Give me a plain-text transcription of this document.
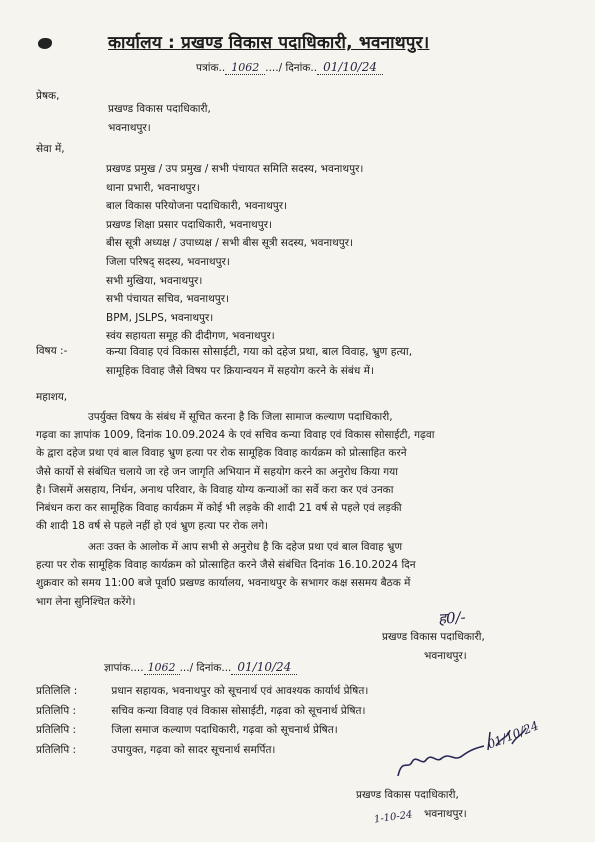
कार्यालय : प्रखण्ड विकास पदाधिकारी, भवनाथपुर।
पत्रांक.. 1062 ..../ दिनांक.. 01/10/24
प्रेषक,
प्रखण्ड विकास पदाधिकारी,
भवनाथपुर।
सेवा में,
प्रखण्ड प्रमुख / उप प्रमुख / सभी पंचायत समिति सदस्य, भवनाथपुर।
थाना प्रभारी, भवनाथपुर।
बाल विकास परियोजना पदाधिकारी, भवनाथपुर।
प्रखण्ड शिक्षा प्रसार पदाधिकारी, भवनाथपुर।
बीस सूत्री अध्यक्ष / उपाध्यक्ष / सभी बीस सूत्री सदस्य, भवनाथपुर।
जिला परिषद् सदस्य, भवनाथपुर।
सभी मुखिया, भवनाथपुर।
सभी पंचायत सचिव, भवनाथपुर।
BPM, JSLPS, भवनाथपुर।
स्वंय सहायता समूह की दीदीगण, भवनाथपुर।
विषय :-	कन्या विवाह एवं विकास सोसाईटी, गया को दहेज प्रथा, बाल विवाह, भ्रुण हत्या,
सामूहिक विवाह जैसे विषय पर क्रियान्वयन में सहयोग करने के संबंध में।
महाशय,
उपर्युक्त विषय के संबंध में सूचित करना है कि जिला सामाज कल्याण पदाधिकारी,
गढ़वा का ज्ञापांक 1009, दिनांक 10.09.2024 के एवं सचिव कन्या विवाह एवं विकास सोसाईटी, गढ़वा
के द्वारा दहेज प्रथा एवं बाल विवाह भ्रुण हत्या पर रोक सामूहिक विवाह कार्यक्रम को प्रोत्साहित करने
जैसे कार्यो से संबंधित चलाये जा रहे जन जागृति अभियान में सहयोग करने का अनुरोध किया गया
है। जिसमें असहाय, निर्धन, अनाथ परिवार, के विवाह योग्य कन्याओं का सर्वे करा कर एवं उनका
निबंधन करा कर सामूहिक विवाह कार्यक्रम में कोई भी लड़के की शादी 21 वर्ष से पहले एवं लड़की
की शादी 18 वर्ष से पहले नहीं हो एवं भ्रुण हत्या पर रोक लगे।
अतः उक्त के आलोक में आप सभी से अनुरोध है कि दहेज प्रथा एवं बाल विवाह भ्रुण
हत्या पर रोक सामूहिक विवाह कार्यक्रम को प्रोत्साहित करने जैसे संबंधित दिनांक 16.10.2024 दिन
शुक्रवार को समय 11:00 बजे पूर्वा0 प्रखण्ड कार्यालय, भवनाथपुर के सभागर कक्ष ससमय बैठक में
भाग लेना सुनिश्चित करेंगे।
ह0/-
प्रखण्ड विकास पदाधिकारी,
भवनाथपुर।
ज्ञापांक.... 1062 .../ दिनांक... 01/10/24
प्रतिलिलि :	प्रधान सहायक, भवनाथपुर को सूचनार्थ एवं आवश्यक कार्यार्थ प्रेषित।
प्रतिलिपि :	सचिव कन्या विवाह एवं विकास सोसाईटी, गढ़वा को सूचनार्थ प्रेषित।
प्रतिलिपि :	जिला समाज कल्याण पदाधिकारी, गढ़वा को सूचनार्थ प्रेषित।
प्रतिलिपि :	उपायुक्त, गढ़वा को सादर सूचनार्थ समर्पित।	01/10/24
प्रखण्ड विकास पदाधिकारी,
भवनाथपुर।
1-10-24
